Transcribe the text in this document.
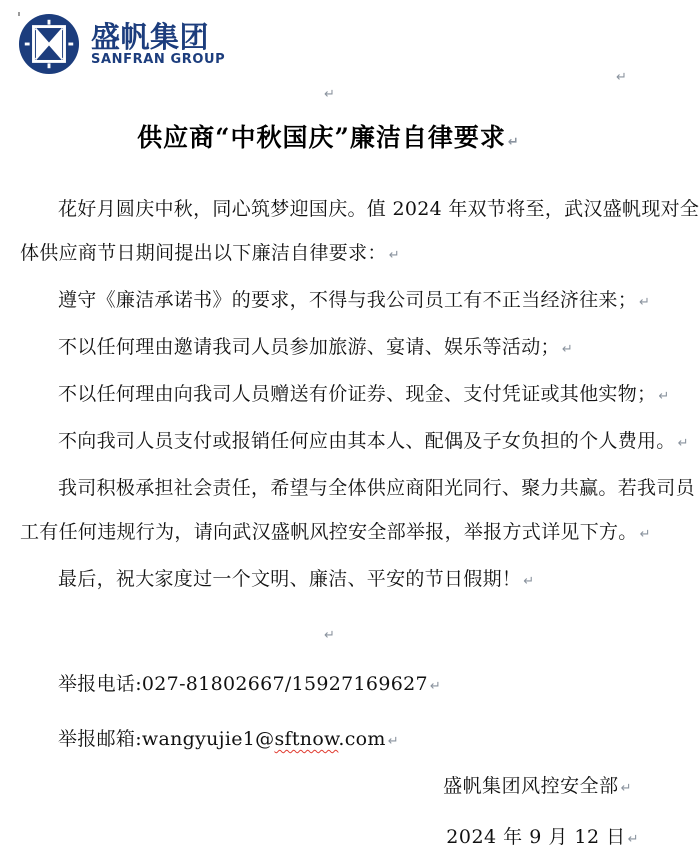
盛帆集团
SANFRAN GROUP
↵

↵

供应商“中秋国庆”廉洁自律要求 ↵

花好月圆庆中秋，同心筑梦迎国庆。值 2024 年双节将至，武汉盛帆现对全
体供应商节日期间提出以下廉洁自律要求： ↵

遵守《廉洁承诺书》的要求，不得与我公司员工有不正当经济往来； ↵

不以任何理由邀请我司人员参加旅游、宴请、娱乐等活动； ↵

不以任何理由向我司人员赠送有价证券、现金、支付凭证或其他实物； ↵

不向我司人员支付或报销任何应由其本人、配偶及子女负担的个人费用。 ↵

我司积极承担社会责任，希望与全体供应商阳光同行、聚力共赢。若我司员
工有任何违规行为，请向武汉盛帆风控安全部举报，举报方式详见下方。 ↵

最后，祝大家度过一个文明、廉洁、平安的节日假期！ ↵

↵

举报电话:027-81802667/15927169627 ↵

举报邮箱:wangyujie1@sftnow.com ↵

盛帆集团风控安全部 ↵

2024 年 9 月 12 日 ↵
